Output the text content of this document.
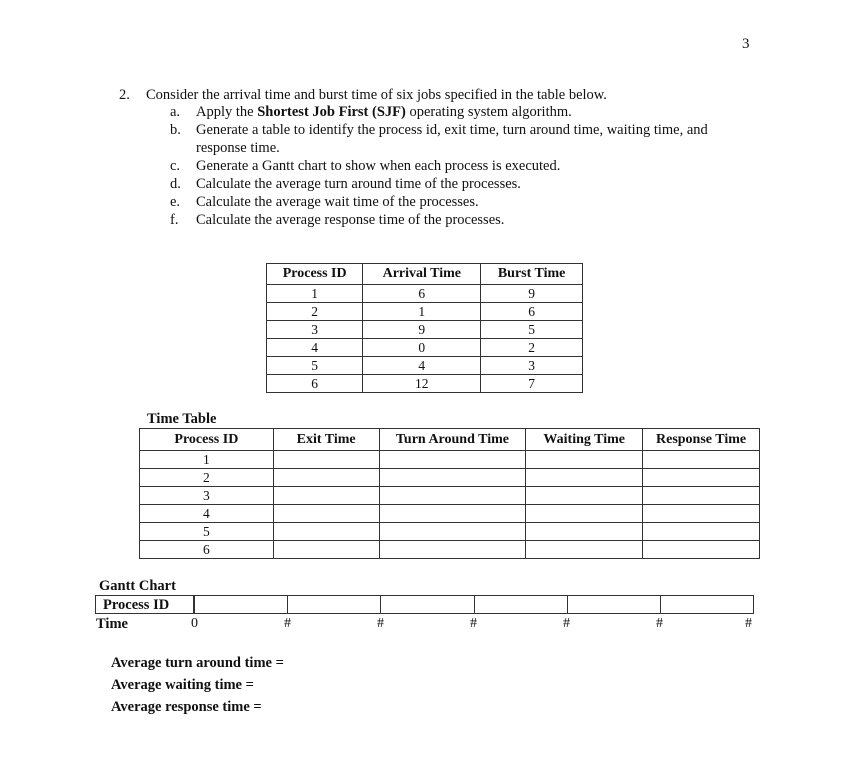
3
2. Consider the arrival time and burst time of six jobs specified in the table below.
a. Apply the Shortest Job First (SJF) operating system algorithm.
b. Generate a table to identify the process id, exit time, turn around time, waiting time, and response time.
c. Generate a Gantt chart to show when each process is executed.
d. Calculate the average turn around time of the processes.
e. Calculate the average wait time of the processes.
f. Calculate the average response time of the processes.
Process ID	Arrival Time	Burst Time
1	6	9
2	1	6
3	9	5
4	0	2
5	4	3
6	12	7
Time Table
Process ID	Exit Time	Turn Around Time	Waiting Time	Response Time
1				
2				
3				
4				
5				
6				
Gantt Chart
Process ID
Time	0	#	#	#	#	#	#
Average turn around time =
Average waiting time =
Average response time =
